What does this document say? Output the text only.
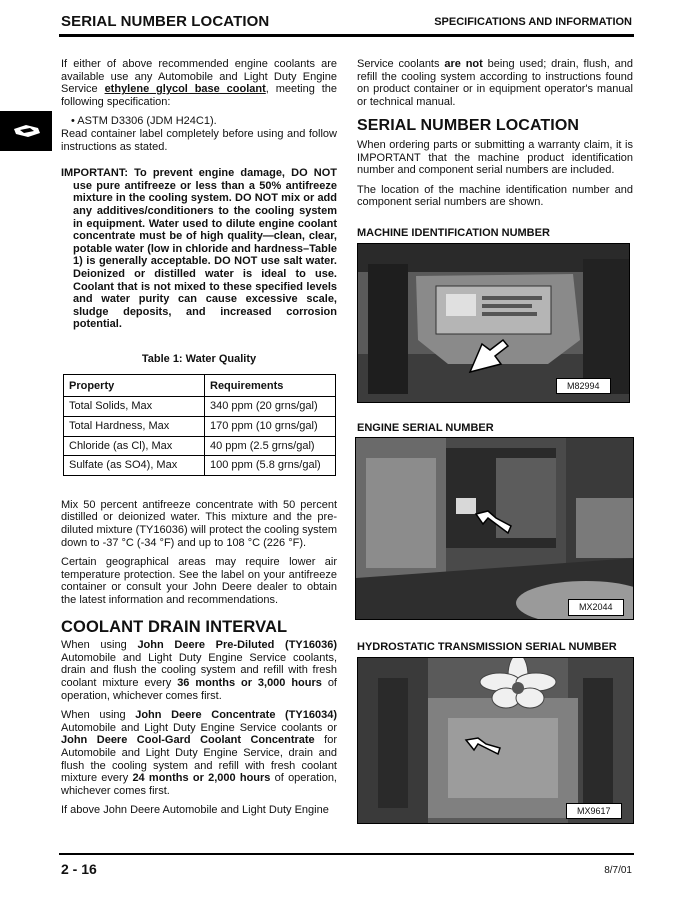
SERIAL NUMBER LOCATION	SPECIFICATIONS AND INFORMATION
If either of above recommended engine coolants are available use any Automobile and Light Duty Engine Service ethylene glycol base coolant, meeting the following specification:
• ASTM D3306 (JDM H24C1).
Read container label completely before using and follow instructions as stated.
IMPORTANT: To prevent engine damage, DO NOT use pure antifreeze or less than a 50% antifreeze mixture in the cooling system. DO NOT mix or add any additives/conditioners to the cooling system in equipment. Water used to dilute engine coolant concentrate must be of high quality—clean, clear, potable water (low in chloride and hardness–Table 1) is generally acceptable. DO NOT use salt water. Deionized or distilled water is ideal to use. Coolant that is not mixed to these specified levels and water purity can cause excessive scale, sludge deposits, and increased corrosion potential.
Table 1: Water Quality
Property	Requirements
Total Solids, Max	340 ppm (20 grns/gal)
Total Hardness, Max	170 ppm (10 grns/gal)
Chloride (as Cl), Max	40 ppm (2.5 grns/gal)
Sulfate (as SO4), Max	100 ppm (5.8 grns/gal)
Mix 50 percent antifreeze concentrate with 50 percent distilled or deionized water. This mixture and the pre-diluted mixture (TY16036) will protect the cooling system down to -37 °C (-34 °F) and up to 108 °C (226 °F).
Certain geographical areas may require lower air temperature protection. See the label on your antifreeze container or consult your John Deere dealer to obtain the latest information and recommendations.
COOLANT DRAIN INTERVAL
When using John Deere Pre-Diluted (TY16036) Automobile and Light Duty Engine Service coolants, drain and flush the cooling system and refill with fresh coolant mixture every 36 months or 3,000 hours of operation, whichever comes first.
When using John Deere Concentrate (TY16034) Automobile and Light Duty Engine Service coolants or John Deere Cool-Gard Coolant Concentrate for Automobile and Light Duty Engine Service, drain and flush the cooling system and refill with fresh coolant mixture every 24 months or 2,000 hours of operation, whichever comes first.
If above John Deere Automobile and Light Duty Engine
Service coolants are not being used; drain, flush, and refill the cooling system according to instructions found on product container or in equipment operator's manual or technical manual.
SERIAL NUMBER LOCATION
When ordering parts or submitting a warranty claim, it is IMPORTANT that the machine product identification number and component serial numbers are included.
The location of the machine identification number and component serial numbers are shown.
MACHINE IDENTIFICATION NUMBER
M82994
ENGINE SERIAL NUMBER
MX2044
HYDROSTATIC TRANSMISSION SERIAL NUMBER
MX9617
2 - 16	8/7/01
